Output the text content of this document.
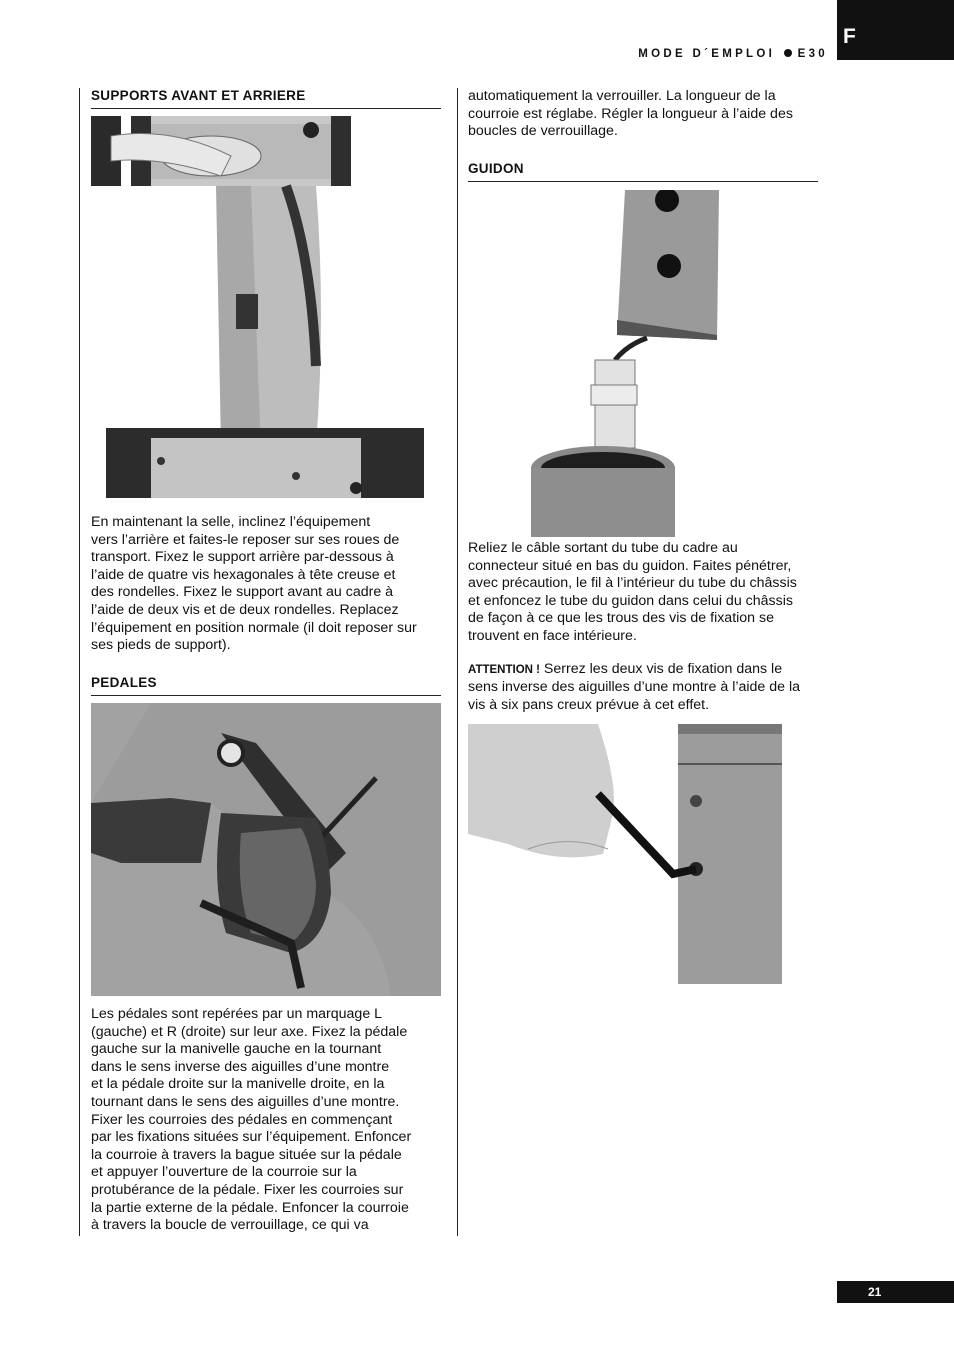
F
MODE D´EMPLOI E30
SUPPORTS AVANT ET ARRIERE
En maintenant la selle, inclinez l’équipement
vers l’arrière et faites-le reposer sur ses roues de
transport. Fixez le support arrière par-dessous à
l’aide de quatre vis hexagonales à tête creuse et
des rondelles. Fixez le support avant au cadre à
l’aide de deux vis et de deux rondelles. Replacez
l’équipement en position normale (il doit reposer sur
ses pieds de support).
PEDALES
Les pédales sont repérées par un marquage L
(gauche) et R (droite) sur leur axe. Fixez la pédale
gauche sur la manivelle gauche en la tournant
dans le sens inverse des aiguilles d’une montre
et la pédale droite sur la manivelle droite, en la
tournant dans le sens des aiguilles d’une montre.
Fixer les courroies des pédales en commençant
par les fixations situées sur l’équipement. Enfoncer
la courroie à travers la bague située sur la pédale
et appuyer l’ouverture de la courroie sur la
protubérance de la pédale. Fixer les courroies sur
la partie externe de la pédale. Enfoncer la courroie
à travers la boucle de verrouillage, ce qui va
automatiquement la verrouiller. La longueur de la
courroie est réglabe. Régler la longueur à l’aide des
boucles de verrouillage.
GUIDON
Reliez le câble sortant du tube du cadre au
connecteur situé en bas du guidon. Faites pénétrer,
avec précaution, le fil à l’intérieur du tube du châssis
et enfoncez le tube du guidon dans celui du châssis
de façon à ce que les trous des vis de fixation se
trouvent en face intérieure.
ATTENTION ! Serrez les deux vis de fixation dans le
sens inverse des aiguilles d’une montre à l’aide de la
vis à six pans creux prévue à cet effet.
21
